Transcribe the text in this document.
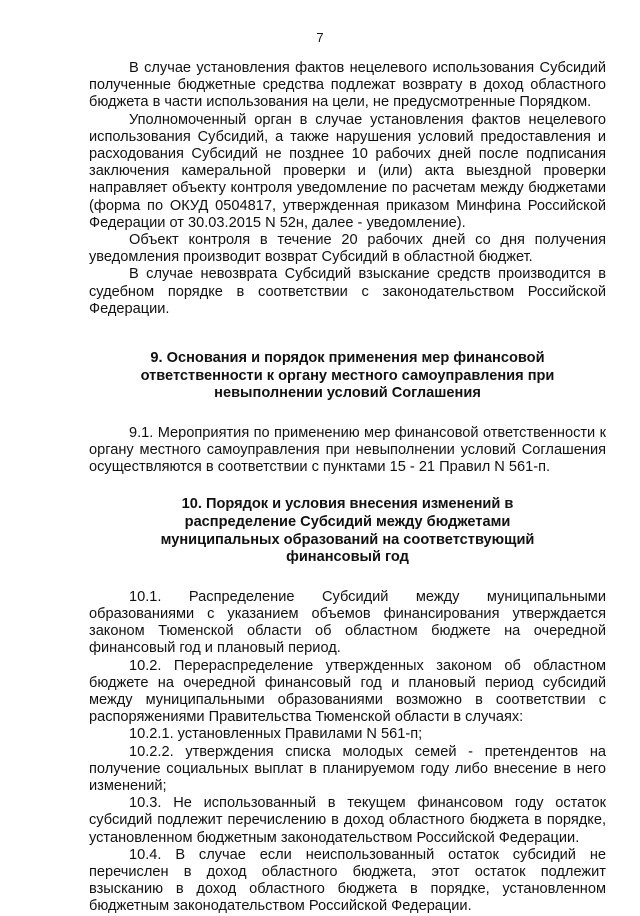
7

В случае установления фактов нецелевого использования Субсидий полученные бюджетные средства подлежат возврату в доход областного бюджета в части использования на цели, не предусмотренные Порядком.

Уполномоченный орган в случае установления фактов нецелевого использования Субсидий, а также нарушения условий предоставления и расходования Субсидий не позднее 10 рабочих дней после подписания заключения камеральной проверки и (или) акта выездной проверки направляет объекту контроля уведомление по расчетам между бюджетами (форма по ОКУД 0504817, утвержденная приказом Минфина Российской Федерации от 30.03.2015 N 52н, далее - уведомление).

Объект контроля в течение 20 рабочих дней со дня получения уведомления производит возврат Субсидий в областной бюджет.

В случае невозврата Субсидий взыскание средств производится в судебном порядке в соответствии с законодательством Российской Федерации.

9. Основания и порядок применения мер финансовой ответственности к органу местного самоуправления при невыполнении условий Соглашения

9.1. Мероприятия по применению мер финансовой ответственности к органу местного самоуправления при невыполнении условий Соглашения осуществляются в соответствии с пунктами 15 - 21 Правил N 561-п.

10. Порядок и условия внесения изменений в распределение Субсидий между бюджетами муниципальных образований на соответствующий финансовый год

10.1. Распределение Субсидий между муниципальными образованиями с указанием объемов финансирования утверждается законом Тюменской области об областном бюджете на очередной финансовый год и плановый период.

10.2. Перераспределение утвержденных законом об областном бюджете на очередной финансовый год и плановый период субсидий между муниципальными образованиями возможно в соответствии с распоряжениями Правительства Тюменской области в случаях:

10.2.1. установленных Правилами N 561-п;

10.2.2. утверждения списка молодых семей - претендентов на получение социальных выплат в планируемом году либо внесение в него изменений;

10.3. Не использованный в текущем финансовом году остаток субсидий подлежит перечислению в доход областного бюджета в порядке, установленном бюджетным законодательством Российской Федерации.

10.4. В случае если неиспользованный остаток субсидий не перечислен в доход областного бюджета, этот остаток подлежит взысканию в доход областного бюджета в порядке, установленном бюджетным законодательством Российской Федерации.
